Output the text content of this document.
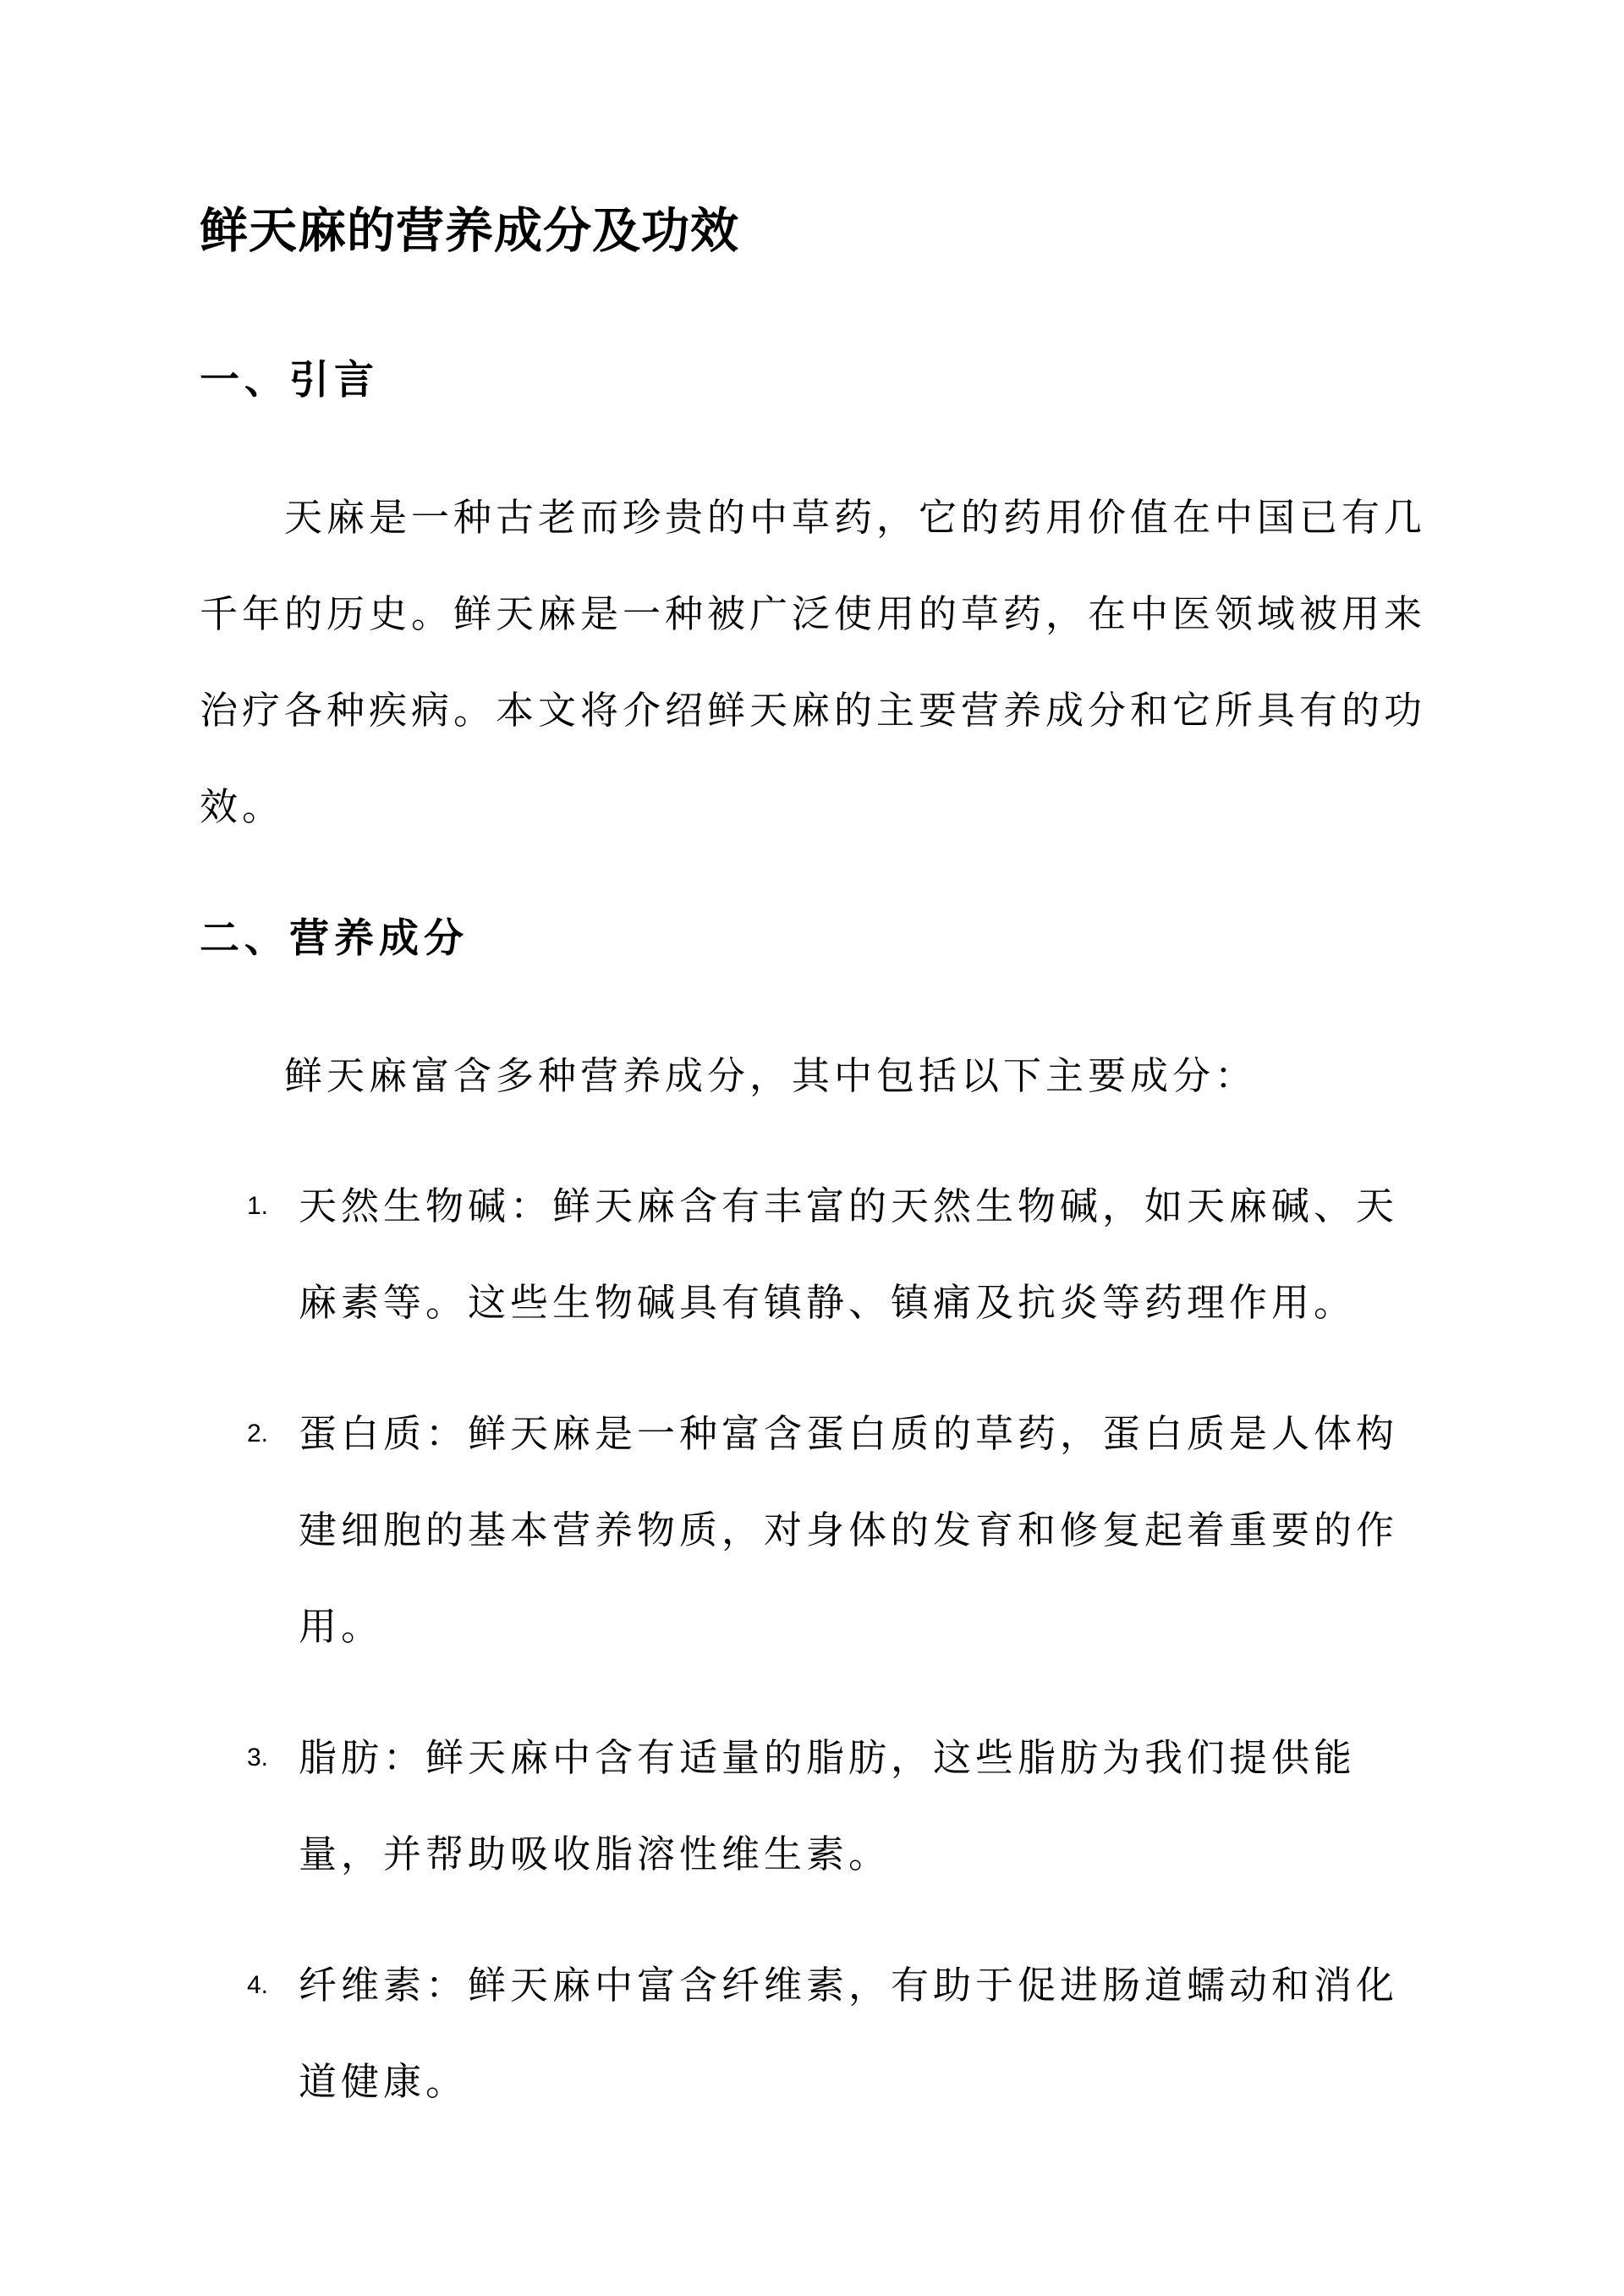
鲜天麻的营养成分及功效
一、引言

天麻是一种古老而珍贵的中草药，它的药用价值在中国已有几千年的历史。鲜天麻是一种被广泛使用的草药，在中医领域被用来治疗各种疾病。本文将介绍鲜天麻的主要营养成分和它所具有的功效。

二、营养成分

鲜天麻富含多种营养成分，其中包括以下主要成分：

1. 天然生物碱：鲜天麻含有丰富的天然生物碱，如天麻碱、天麻素等。这些生物碱具有镇静、镇痛及抗炎等药理作用。
2. 蛋白质：鲜天麻是一种富含蛋白质的草药，蛋白质是人体构建细胞的基本营养物质，对身体的发育和修复起着重要的作用。
3. 脂肪：鲜天麻中含有适量的脂肪，这些脂肪为我们提供能量，并帮助吸收脂溶性维生素。
4. 纤维素：鲜天麻中富含纤维素，有助于促进肠道蠕动和消化道健康。
